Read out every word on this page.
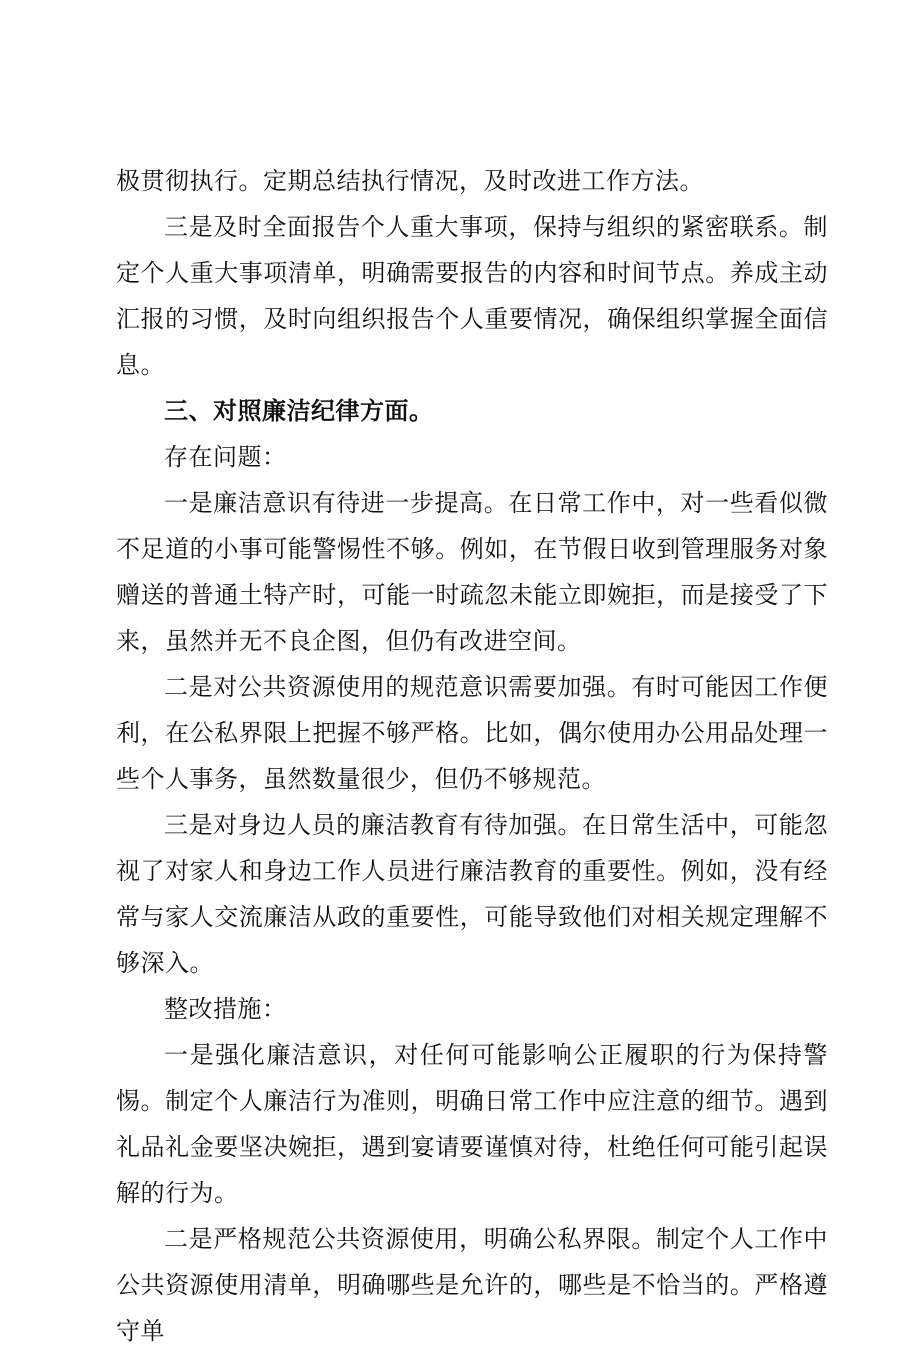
极贯彻执行。定期总结执行情况，及时改进工作方法。

三是及时全面报告个人重大事项，保持与组织的紧密联系。制定个人重大事项清单，明确需要报告的内容和时间节点。养成主动汇报的习惯，及时向组织报告个人重要情况，确保组织掌握全面信息。

三、对照廉洁纪律方面。

存在问题：

一是廉洁意识有待进一步提高。在日常工作中，对一些看似微不足道的小事可能警惕性不够。例如，在节假日收到管理服务对象赠送的普通土特产时，可能一时疏忽未能立即婉拒，而是接受了下来，虽然并无不良企图，但仍有改进空间。

二是对公共资源使用的规范意识需要加强。有时可能因工作便利，在公私界限上把握不够严格。比如，偶尔使用办公用品处理一些个人事务，虽然数量很少，但仍不够规范。

三是对身边人员的廉洁教育有待加强。在日常生活中，可能忽视了对家人和身边工作人员进行廉洁教育的重要性。例如，没有经常与家人交流廉洁从政的重要性，可能导致他们对相关规定理解不够深入。

整改措施：

一是强化廉洁意识，对任何可能影响公正履职的行为保持警惕。制定个人廉洁行为准则，明确日常工作中应注意的细节。遇到礼品礼金要坚决婉拒，遇到宴请要谨慎对待，杜绝任何可能引起误解的行为。

二是严格规范公共资源使用，明确公私界限。制定个人工作中公共资源使用清单，明确哪些是允许的，哪些是不恰当的。严格遵守单
